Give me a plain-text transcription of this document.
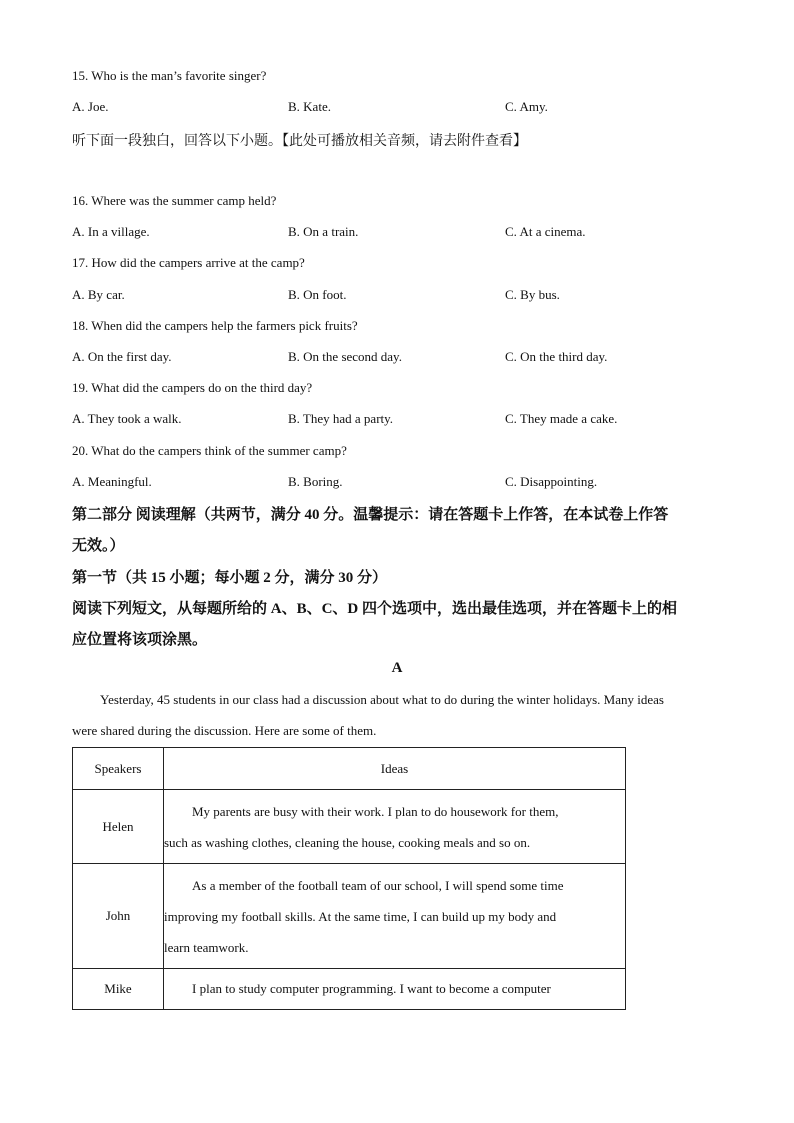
15. Who is the man’s favorite singer?
A. Joe.	B. Kate.	C. Amy.
听下面一段独白，回答以下小题。【此处可播放相关音频，请去附件查看】
16. Where was the summer camp held?
A. In a village.	B. On a train.	C. At a cinema.
17. How did the campers arrive at the camp?
A. By car.	B. On foot.	C. By bus.
18. When did the campers help the farmers pick fruits?
A. On the first day.	B. On the second day.	C. On the third day.
19. What did the campers do on the third day?
A. They took a walk.	B. They had a party.	C. They made a cake.
20. What do the campers think of the summer camp?
A. Meaningful.	B. Boring.	C. Disappointing.
第二部分 阅读理解（共两节，满分 40 分。温馨提示：请在答题卡上作答，在本试卷上作答
无效。）
第一节（共 15 小题；每小题 2 分，满分 30 分）
阅读下列短文，从每题所给的 A、B、C、D 四个选项中，选出最佳选项，并在答题卡上的相
应位置将该项涂黑。
A
Yesterday, 45 students in our class had a discussion about what to do during the winter holidays. Many ideas
were shared during the discussion. Here are some of them.
Speakers	Ideas
Helen	My parents are busy with their work. I plan to do housework for them,
such as washing clothes, cleaning the house, cooking meals and so on.

John	As a member of the football team of our school, I will spend some time
improving my football skills. At the same time, I can build up my body and
learn teamwork.

Mike	I plan to study computer programming. I want to become a computer
